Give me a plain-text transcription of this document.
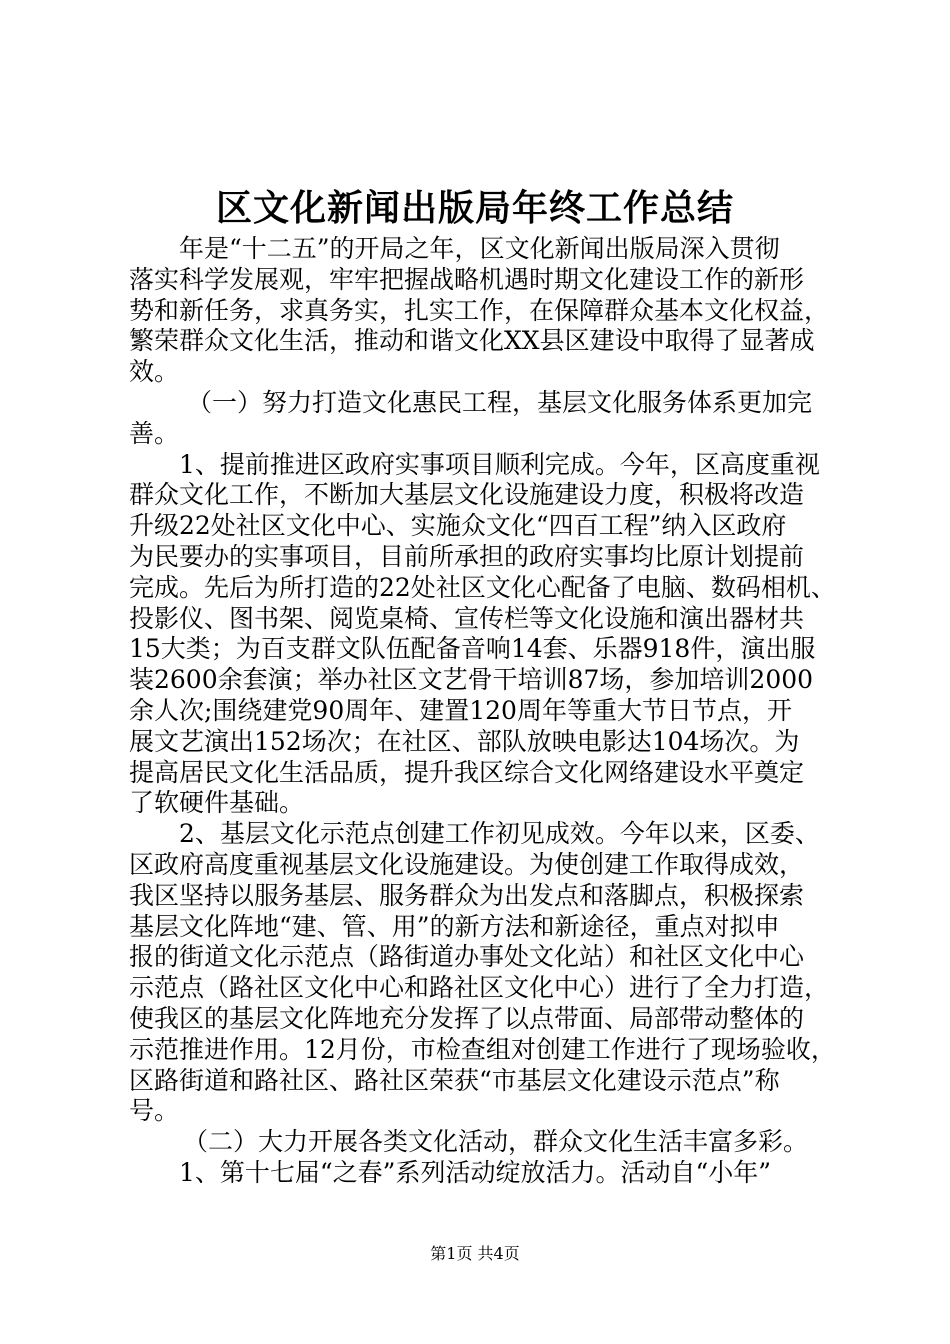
区文化新闻出版局年终工作总结
年是“十二五”的开局之年，区文化新闻出版局深入贯彻
落实科学发展观，牢牢把握战略机遇时期文化建设工作的新形
势和新任务，求真务实，扎实工作，在保障群众基本文化权益，
繁荣群众文化生活，推动和谐文化XX县区建设中取得了显著成
效。
（一）努力打造文化惠民工程，基层文化服务体系更加完
善。
1、提前推进区政府实事项目顺利完成。今年，区高度重视
群众文化工作，不断加大基层文化设施建设力度，积极将改造
升级22处社区文化中心、实施众文化“四百工程”纳入区政府
为民要办的实事项目，目前所承担的政府实事均比原计划提前
完成。先后为所打造的22处社区文化心配备了电脑、数码相机、
投影仪、图书架、阅览桌椅、宣传栏等文化设施和演出器材共
15大类；为百支群文队伍配备音响14套、乐器918件，演出服
装2600余套演；举办社区文艺骨干培训87场，参加培训2000
余人次;围绕建党90周年、建置120周年等重大节日节点，开
展文艺演出152场次；在社区、部队放映电影达104场次。为
提高居民文化生活品质，提升我区综合文化网络建设水平奠定
了软硬件基础。
2、基层文化示范点创建工作初见成效。今年以来，区委、
区政府高度重视基层文化设施建设。为使创建工作取得成效，
我区坚持以服务基层、服务群众为出发点和落脚点，积极探索
基层文化阵地“建、管、用”的新方法和新途径，重点对拟申
报的街道文化示范点（路街道办事处文化站）和社区文化中心
示范点（路社区文化中心和路社区文化中心）进行了全力打造，
使我区的基层文化阵地充分发挥了以点带面、局部带动整体的
示范推进作用。12月份，市检查组对创建工作进行了现场验收，
区路街道和路社区、路社区荣获“市基层文化建设示范点”称
号。
（二）大力开展各类文化活动，群众文化生活丰富多彩。
1、第十七届“之春”系列活动绽放活力。活动自“小年”
第1页 共4页
